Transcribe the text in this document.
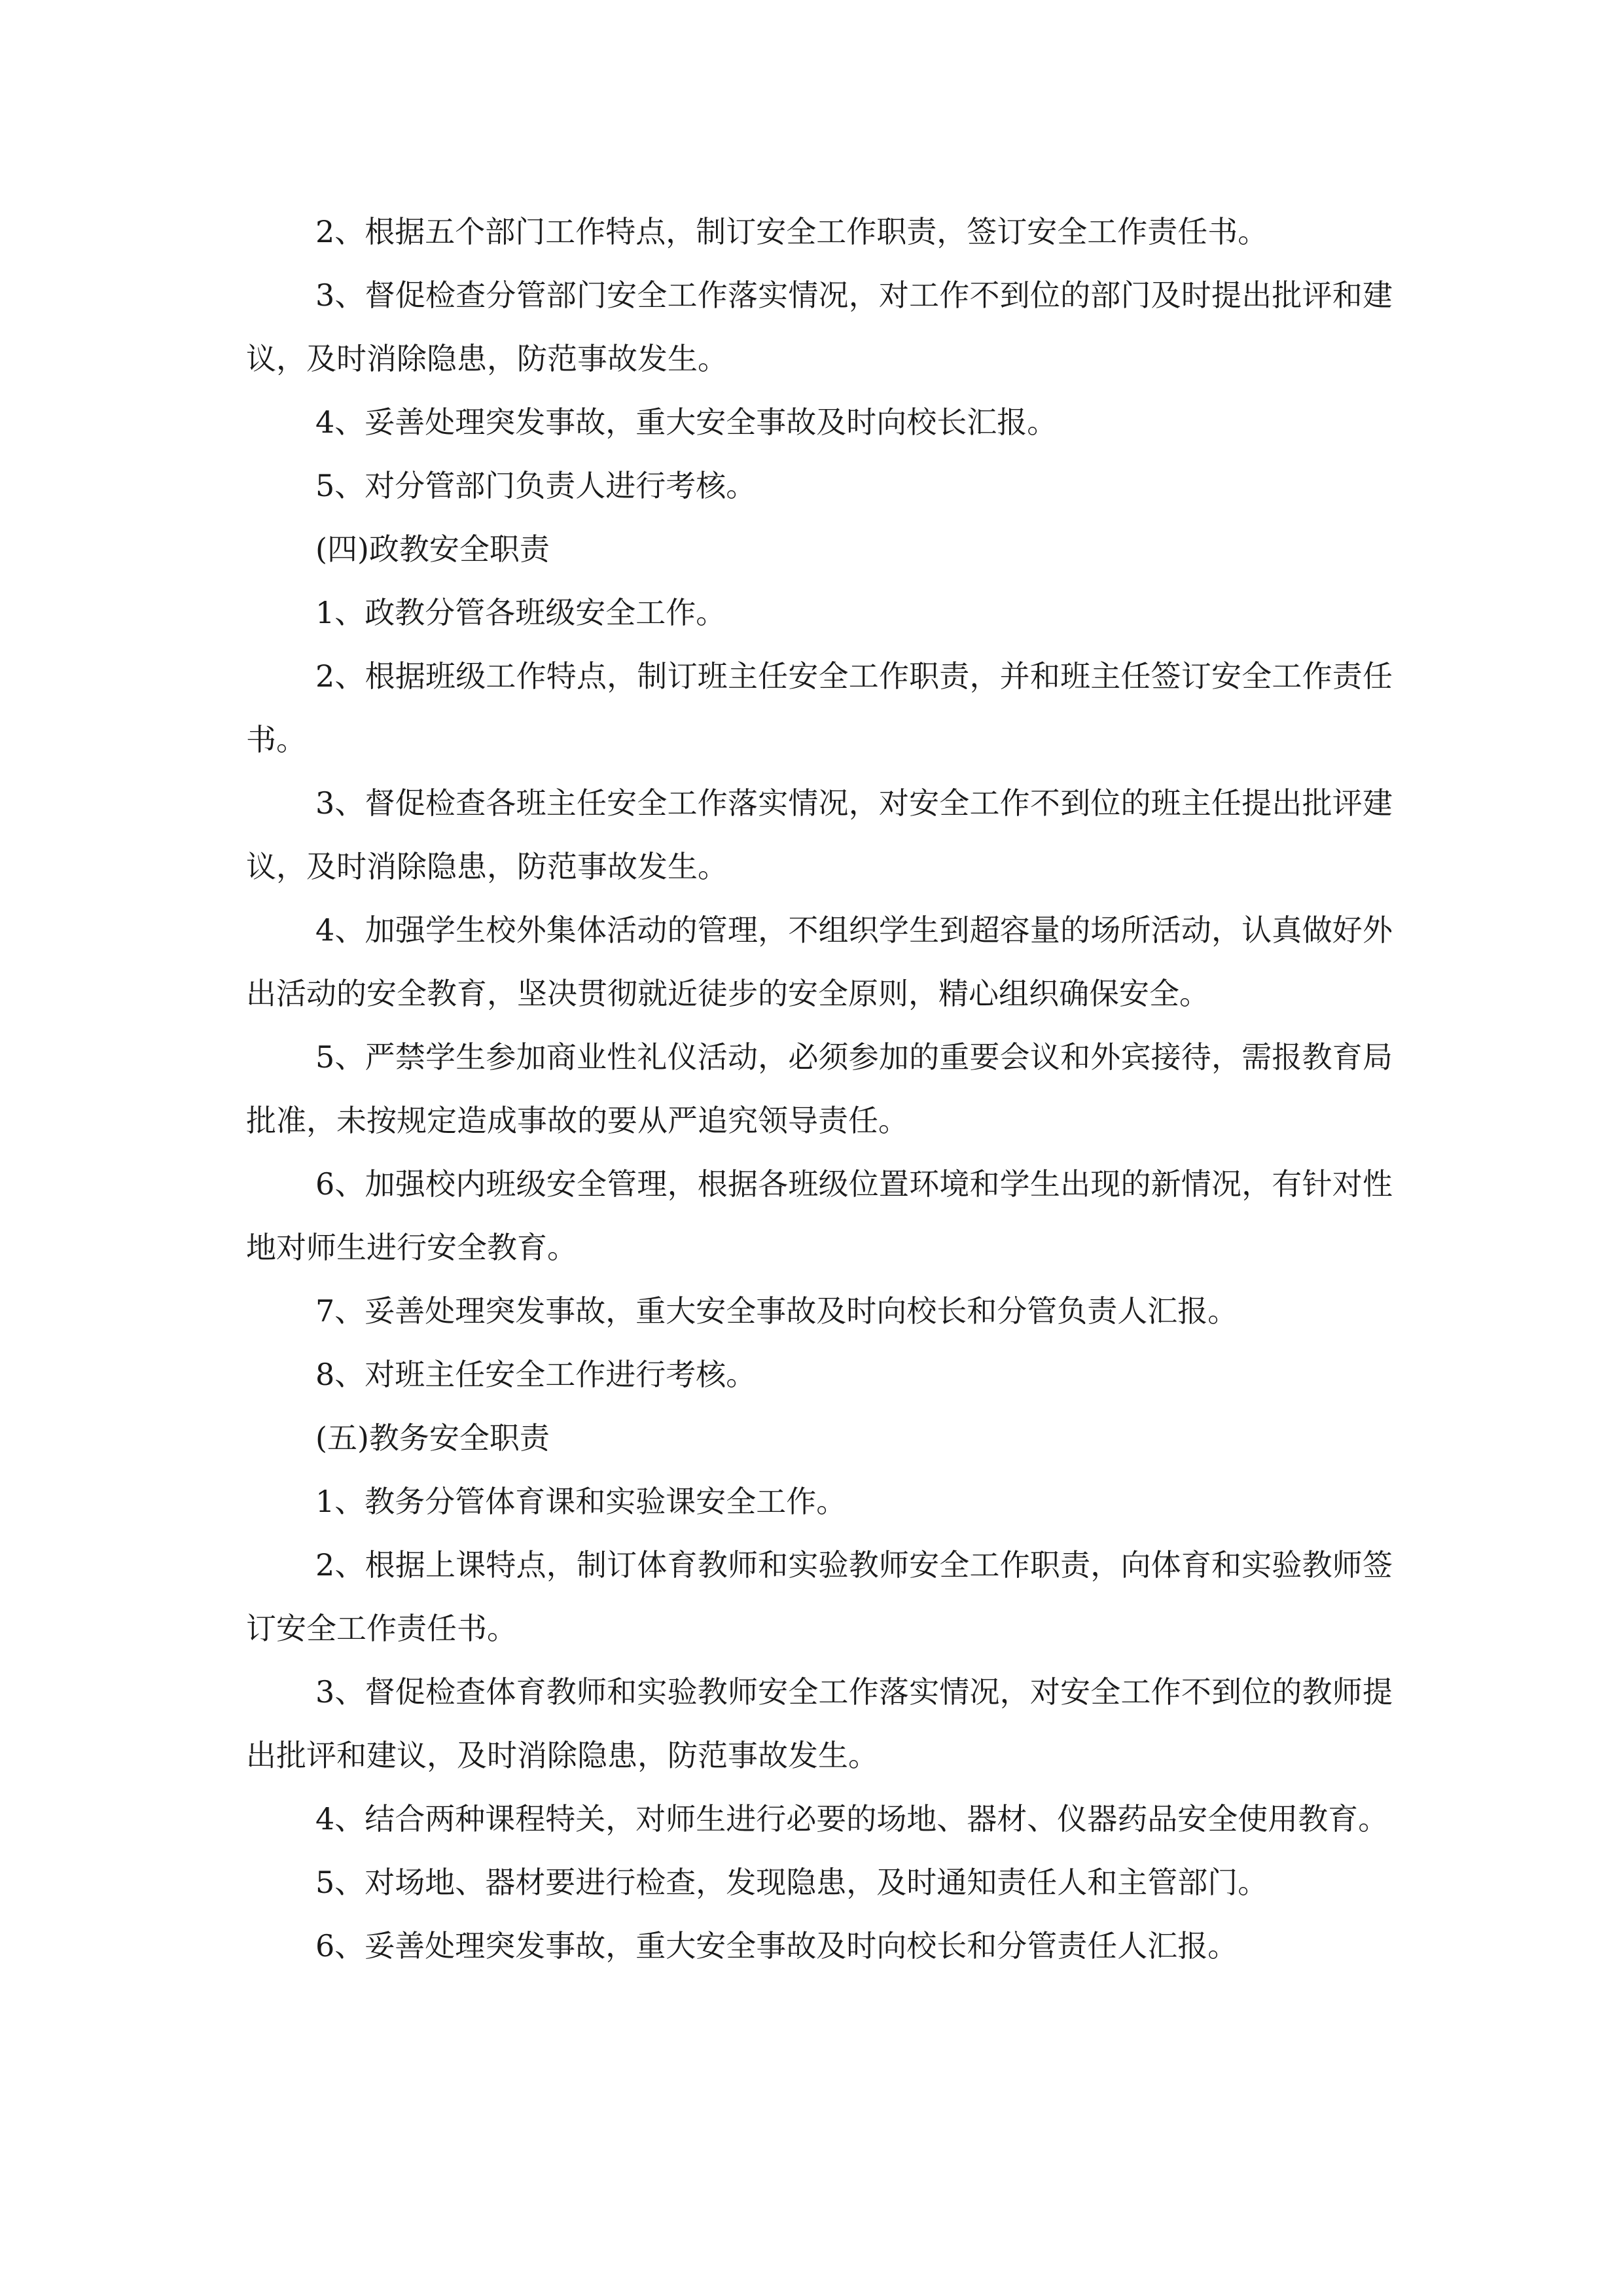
2、根据五个部门工作特点，制订安全工作职责，签订安全工作责任书。

3、督促检查分管部门安全工作落实情况，对工作不到位的部门及时提出批评和建议，及时消除隐患，防范事故发生。

4、妥善处理突发事故，重大安全事故及时向校长汇报。

5、对分管部门负责人进行考核。

(四)政教安全职责

1、政教分管各班级安全工作。

2、根据班级工作特点，制订班主任安全工作职责，并和班主任签订安全工作责任书。

3、督促检查各班主任安全工作落实情况，对安全工作不到位的班主任提出批评建议，及时消除隐患，防范事故发生。

4、加强学生校外集体活动的管理，不组织学生到超容量的场所活动，认真做好外出活动的安全教育，坚决贯彻就近徒步的安全原则，精心组织确保安全。

5、严禁学生参加商业性礼仪活动，必须参加的重要会议和外宾接待，需报教育局批准，未按规定造成事故的要从严追究领导责任。

6、加强校内班级安全管理，根据各班级位置环境和学生出现的新情况，有针对性地对师生进行安全教育。

7、妥善处理突发事故，重大安全事故及时向校长和分管负责人汇报。

8、对班主任安全工作进行考核。

(五)教务安全职责

1、教务分管体育课和实验课安全工作。

2、根据上课特点，制订体育教师和实验教师安全工作职责，向体育和实验教师签订安全工作责任书。

3、督促检查体育教师和实验教师安全工作落实情况，对安全工作不到位的教师提出批评和建议，及时消除隐患，防范事故发生。

4、结合两种课程特关，对师生进行必要的场地、器材、仪器药品安全使用教育。

5、对场地、器材要进行检查，发现隐患，及时通知责任人和主管部门。

6、妥善处理突发事故，重大安全事故及时向校长和分管责任人汇报。
